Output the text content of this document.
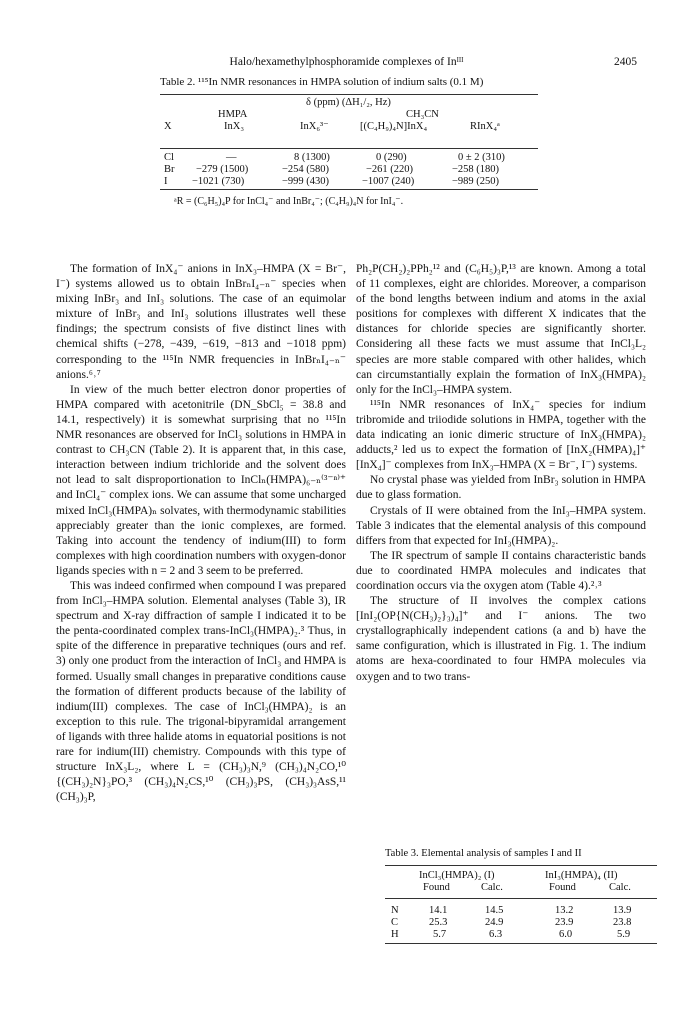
Halo/hexamethylphosphoramide complexes of Inᴵᴵᴵ	2405
Table 2. ¹¹⁵In NMR resonances in HMPA solution of indium salts (0.1 M)
δ (ppm) (ΔH₁/₂, Hz)
HMPA	CH₃CN
X	InX₃	InX₆³⁻	[(C₄H₉)₄N]InX₄	RInX₄ᵃ
Cl	—	8 (1300)	0 (290)	0 ± 2 (310)
Br −279 (1500)	−254 (580)	−261 (220)	−258 (180)
I −1021 (730)	−999 (430)	−1007 (240)	−989 (250)
ᵃR = (C₆H₅)₄P for InCl₄⁻ and InBr₄⁻; (C₄H₉)₄N for InI₄⁻.

The formation of InX₄⁻ anions in InX₃–HMPA (X = Br⁻, I⁻) systems allowed us to obtain InBrₙI₄₋ₙ⁻ species when mixing InBr₃ and InI₃ solutions. The case of an equimolar mixture of InBr₃ and InI₃ solutions illustrates well these findings; the spectrum consists of five distinct lines with chemical shifts (−278, −439, −619, −813 and −1018 ppm) corresponding to the ¹¹⁵In NMR frequencies in InBrₙI₄₋ₙ⁻ anions.⁶˒⁷

In view of the much better electron donor properties of HMPA compared with acetonitrile (DN_SbCl₅ = 38.8 and 14.1, respectively) it is somewhat surprising that no ¹¹⁵In NMR resonances are observed for InCl₃ solutions in HMPA in contrast to CH₃CN (Table 2). It is apparent that, in this case, interaction between indium trichloride and the solvent does not lead to salt disproportionation to InClₙ(HMPA)₆₋ₙ⁽³⁻ⁿ⁾⁺ and InCl₄⁻ complex ions. We can assume that some uncharged mixed InCl₃(HMPA)ₙ solvates, with thermodynamic stabilities appreciably greater than the ionic complexes, are formed. Taking into account the tendency of indium(III) to form complexes with high coordination numbers with oxygen-donor ligands species with n = 2 and 3 seem to be preferred.

This was indeed confirmed when compound I was prepared from InCl₃–HMPA solution. Elemental analyses (Table 3), IR spectrum and X-ray diffraction of sample I indicated it to be the penta-coordinated complex trans-InCl₃(HMPA)₂.³ Thus, in spite of the difference in preparative techniques (ours and ref. 3) only one product from the interaction of InCl₃ and HMPA is formed. Usually small changes in preparative conditions cause the formation of different products because of the lability of indium(III) complexes. The case of InCl₃(HMPA)₂ is an exception to this rule. The trigonal-bipyramidal arrangement of ligands with three halide atoms in equatorial positions is not rare for indium(III) chemistry. Compounds with this type of structure InX₃L₂, where L = (CH₃)₃N,⁹ (CH₃)₄N₂CO,¹⁰ {(CH₃)₂N}₃PO,³ (CH₃)₄N₂CS,¹⁰ (CH₃)₃PS, (CH₃)₃AsS,¹¹ (CH₃)₃P,

Ph₂P(CH₂)₂PPh₂¹² and (C₆H₅)₃P,¹³ are known. Among a total of 11 complexes, eight are chlorides. Moreover, a comparison of the bond lengths between indium and atoms in the axial positions for complexes with different X indicates that the distances for chloride species are significantly shorter. Considering all these facts we must assume that InCl₃L₂ species are more stable compared with other halides, which can circumstantially explain the formation of InX₃(HMPA)₂ only for the InCl₃–HMPA system.

¹¹⁵In NMR resonances of InX₄⁻ species for indium tribromide and triiodide solutions in HMPA, together with the data indicating an ionic dimeric structure of InX₃(HMPA)₂ adducts,² led us to expect the formation of [InX₂(HMPA)₄]⁺ [InX₄]⁻ complexes from InX₃–HMPA (X = Br⁻, I⁻) systems.

No crystal phase was yielded from InBr₃ solution in HMPA due to glass formation.

Crystals of II were obtained from the InI₃–HMPA system. Table 3 indicates that the elemental analysis of this compound differs from that expected for InI₃(HMPA)₂.

The IR spectrum of sample II contains characteristic bands due to coordinated HMPA molecules and indicates that coordination occurs via the oxygen atom (Table 4).²˒³

The structure of II involves the complex cations [InI₂(OP{N(CH₃)₂}₃)₄]⁺ and I⁻ anions. The two crystallographically independent cations (a and b) have the same configuration, which is illustrated in Fig. 1. The indium atoms are hexa-coordinated to four HMPA molecules via oxygen and to two trans-

Table 3. Elemental analysis of samples I and II
InCl₃(HMPA)₂ (I)	InI₃(HMPA)₄ (II)
Found	Calc.	Found	Calc.
N	14.1	14.5	13.2	13.9
C	25.3	24.9	23.9	23.8
H	5.7	6.3	6.0	5.9
